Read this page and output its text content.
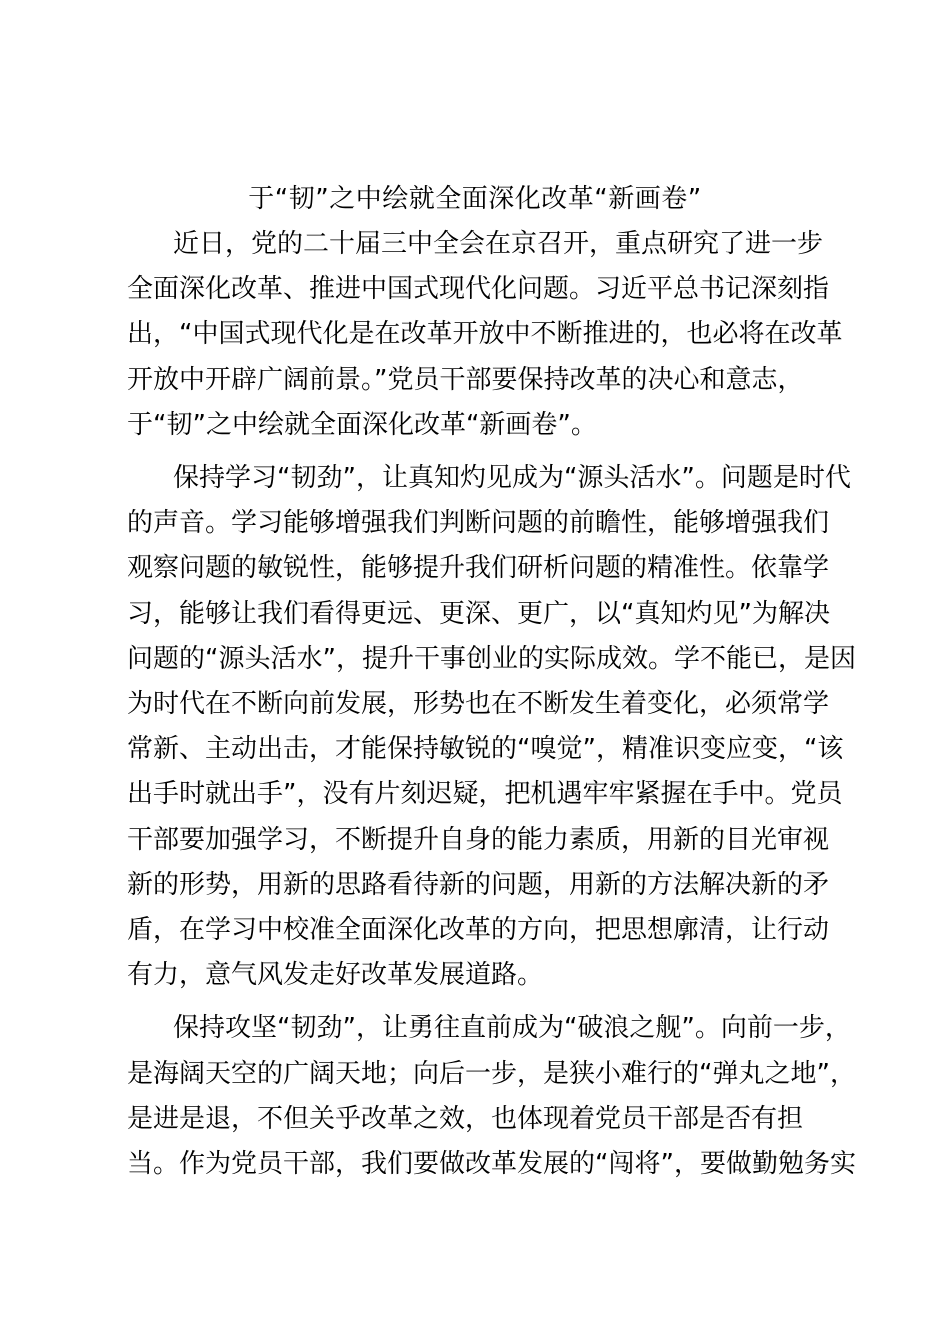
于“韧”之中绘就全面深化改革“新画卷”

近日，党的二十届三中全会在京召开，重点研究了进一步
全面深化改革、推进中国式现代化问题。习近平总书记深刻指
出，“中国式现代化是在改革开放中不断推进的，也必将在改革
开放中开辟广阔前景。”党员干部要保持改革的决心和意志，
于“韧”之中绘就全面深化改革“新画卷”。

保持学习“韧劲”，让真知灼见成为“源头活水”。问题是时代
的声音。学习能够增强我们判断问题的前瞻性，能够增强我们
观察问题的敏锐性，能够提升我们研析问题的精准性。依靠学
习，能够让我们看得更远、更深、更广，以“真知灼见”为解决
问题的“源头活水”，提升干事创业的实际成效。学不能已，是因
为时代在不断向前发展，形势也在不断发生着变化，必须常学
常新、主动出击，才能保持敏锐的“嗅觉”，精准识变应变，“该
出手时就出手”，没有片刻迟疑，把机遇牢牢紧握在手中。党员
干部要加强学习，不断提升自身的能力素质，用新的目光审视
新的形势，用新的思路看待新的问题，用新的方法解决新的矛
盾，在学习中校准全面深化改革的方向，把思想廓清，让行动
有力，意气风发走好改革发展道路。

保持攻坚“韧劲”，让勇往直前成为“破浪之舰”。向前一步，
是海阔天空的广阔天地；向后一步，是狭小难行的“弹丸之地”，
是进是退，不但关乎改革之效，也体现着党员干部是否有担
当。作为党员干部，我们要做改革发展的“闯将”，要做勤勉务实
